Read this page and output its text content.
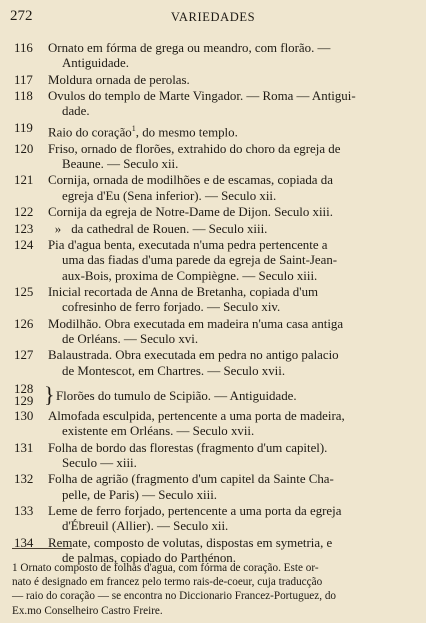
272	VARIEDADES
116 Ornato em fórma de grega ou meandro, com florão. —
Antiguidade.
117 Moldura ornada de perolas.
118 Ovulos do templo de Marte Vingador. — Roma — Antigui-
dade.
119 Raio do coração$^1$, do mesmo templo.
120 Friso, ornado de florões, extrahido do choro da egreja de
Beaune. — Seculo xii.
121 Cornija, ornada de modilhões e de escamas, copiada da
egreja d'Eu (Sena inferior). — Seculo xii.
122 Cornija da egreja de Notre-Dame de Dijon. Seculo xiii.
123	» da cathedral de Rouen. — Seculo xiii.
124 Pia d'agua benta, executada n'uma pedra pertencente a
uma das fiadas d'uma parede da egreja de Saint-Jean-
aux-Bois, proxima de Compiègne. — Seculo xiii.
125 Inicial recortada de Anna de Bretanha, copiada d'um
cofresinho de ferro forjado. — Seculo xiv.
126 Modilhão. Obra executada em madeira n'uma casa antiga
de Orléans. — Seculo xvi.
127 Balaustrada. Obra executada em pedra no antigo palacio
de Montescot, em Chartres. — Seculo xvii.
128
129 } Florões do tumulo de Scipião. — Antiguidade.
130 Almofada esculpida, pertencente a uma porta de madeira,
existente em Orléans. — Seculo xvii.
131 Folha de bordo das florestas (fragmento d'um capitel).
Seculo — xiii.
132 Folha de agrião (fragmento d'um capitel da Sainte Cha-
pelle, de Paris) — Seculo xiii.
133 Leme de ferro forjado, pertencente a uma porta da egreja
d'Ébreuil (Allier). — Seculo xii.
134 Remate, composto de volutas, dispostas em symetria, e
de palmas, copiado do Parthénon.
1 Ornato composto de folhas d'agua, com fórma de coração. Este or-
nato é designado em francez pelo termo rais-de-coeur, cuja traducção
— raio do coração — se encontra no Diccionario Francez-Portuguez, do
Ex.mo Conselheiro Castro Freire.
